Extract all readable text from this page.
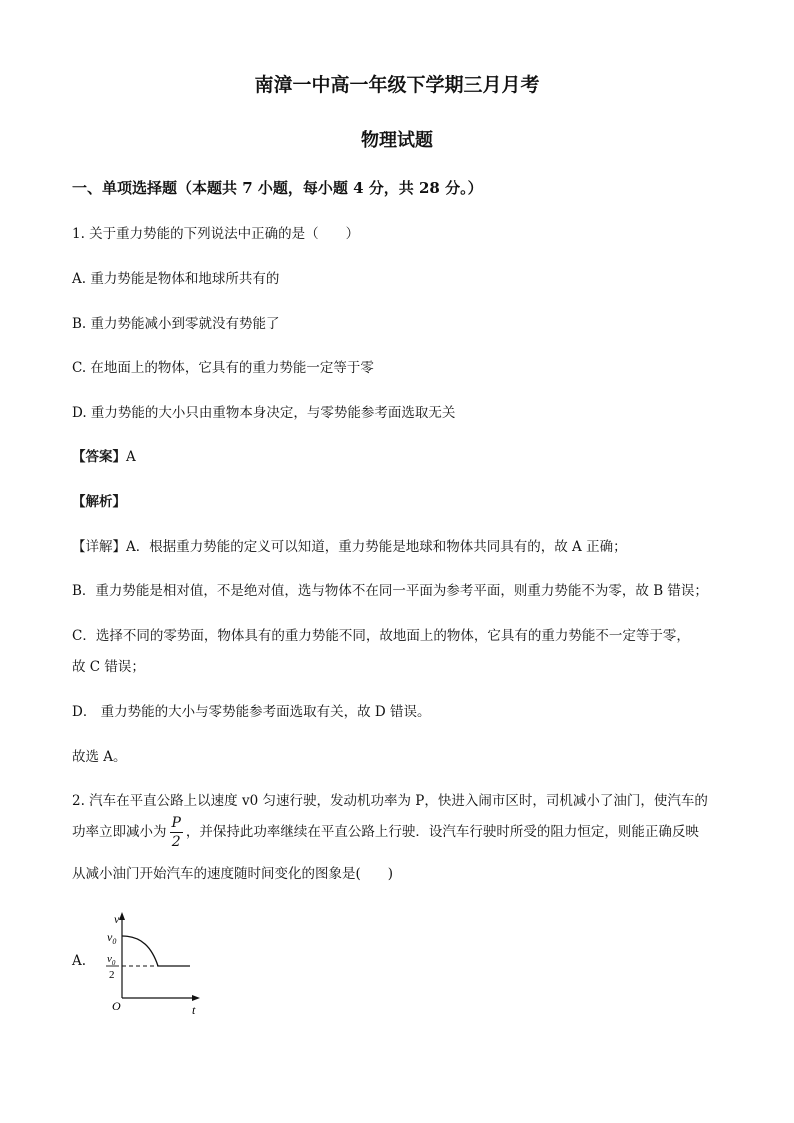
南漳一中高一年级下学期三月月考
物理试题
一、单项选择题（本题共 7 小题，每小题 4 分，共 28 分。）
1. 关于重力势能的下列说法中正确的是（　　）
A. 重力势能是物体和地球所共有的
B. 重力势能减小到零就没有势能了
C. 在地面上的物体，它具有的重力势能一定等于零
D. 重力势能的大小只由重物本身决定，与零势能参考面选取无关
【答案】A
【解析】
【详解】A．根据重力势能的定义可以知道，重力势能是地球和物体共同具有的，故 A 正确；
B．重力势能是相对值，不是绝对值，选与物体不在同一平面为参考平面，则重力势能不为零，故 B 错误；
C．选择不同的零势面，物体具有的重力势能不同，故地面上的物体，它具有的重力势能不一定等于零，
故 C 错误；
D． 重力势能的大小与零势能参考面选取有关，故 D 错误。
故选 A。
2. 汽车在平直公路上以速度 v0 匀速行驶，发动机功率为 P，快进入闹市区时，司机减小了油门，使汽车的
功率立即减小为 $\frac{P}{2}$ ，并保持此功率继续在平直公路上行驶．设汽车行驶时所受的阻力恒定，则能正确反映
从减小油门开始汽车的速度随时间变化的图象是(　　)
A.
v
$v_0$
$v_0$
2
O	t
